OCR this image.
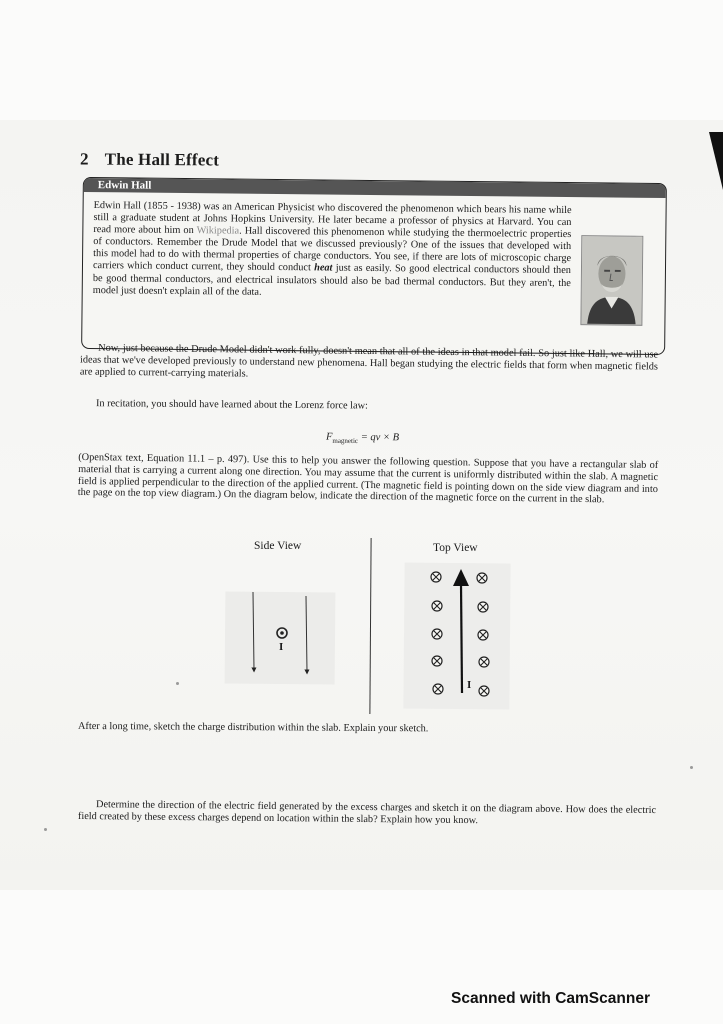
2 The Hall Effect
Edwin Hall

Edwin Hall (1855 - 1938) was an American Physicist who discovered the phenomenon which bears his name while still a graduate student at Johns Hopkins University. He later became a professor of physics at Harvard. You can read more about him on Wikipedia. Hall discovered this phenomenon while studying the thermoelectric properties of conductors. Remember the Drude Model that we discussed previously? One of the issues that developed with this model had to do with thermal properties of charge conductors. You see, if there are lots of microscopic charge carriers which conduct current, they should conduct heat just as easily. So good electrical conductors should then be good thermal conductors, and electrical insulators should also be bad thermal conductors. But they aren't, the model just doesn't explain all of the data.

Now, just because the Drude Model didn't work fully, doesn't mean that all of the ideas in that model fail. So just like Hall, we will use ideas that we've developed previously to understand new phenomena. Hall began studying the electric fields that form when magnetic fields are applied to current-carrying materials.

In recitation, you should have learned about the Lorenz force law:

$F_{magnetic}$ = qv × B

(OpenStax text, Equation 11.1 – p. 497). Use this to help you answer the following question. Suppose that you have a rectangular slab of material that is carrying a current along one direction. You may assume that the current is uniformly distributed within the slab. A magnetic field is applied perpendicular to the direction of the applied current. (The magnetic field is pointing down on the side view diagram and into the page on the top view diagram.) On the diagram below, indicate the direction of the magnetic force on the current in the slab.

Side View	Top View
I
I

After a long time, sketch the charge distribution within the slab. Explain your sketch.

Determine the direction of the electric field generated by the excess charges and sketch it on the diagram above. How does the electric field created by these excess charges depend on location within the slab? Explain how you know.

Scanned with CamScanner
